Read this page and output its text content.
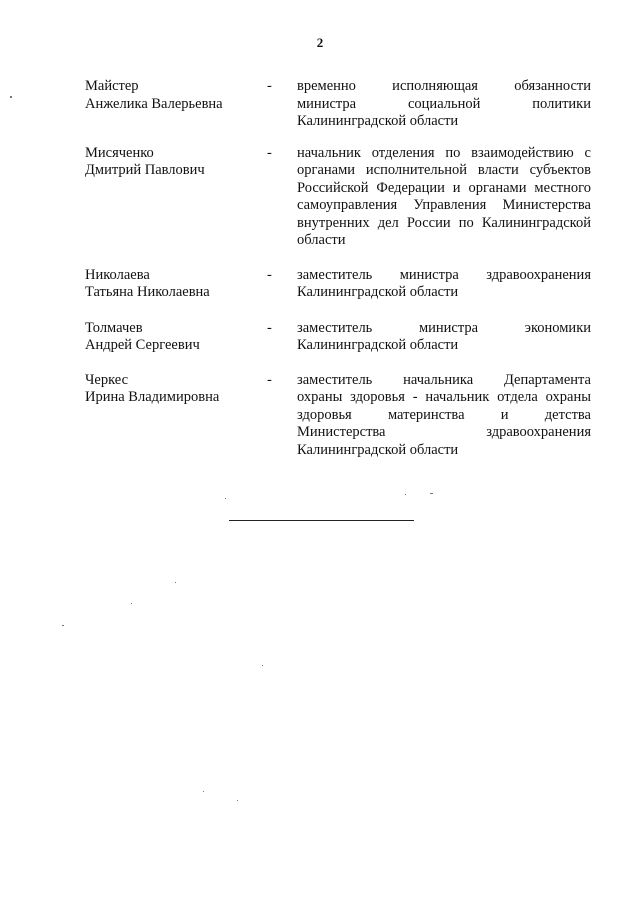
2
Майстер
Анжелика Валерьевна
-	временно исполняющая обязанности
министра социальной политики
Калининградской области
Мисяченко
Дмитрий Павлович
-	начальник отделения по взаимодействию с
органами исполнительной власти субъектов
Российской Федерации и органами местного
самоуправления Управления Министерства
внутренних дел России по Калининградской
области
Николаева
Татьяна Николаевна
-	заместитель министра здравоохранения
Калининградской области
Толмачев
Андрей Сергеевич
-	заместитель министра экономики
Калининградской области
Черкес
Ирина Владимировна
-	заместитель начальника Департамента
охраны здоровья - начальник отдела охраны
здоровья материнства и детства
Министерства здравоохранения
Калининградской области
